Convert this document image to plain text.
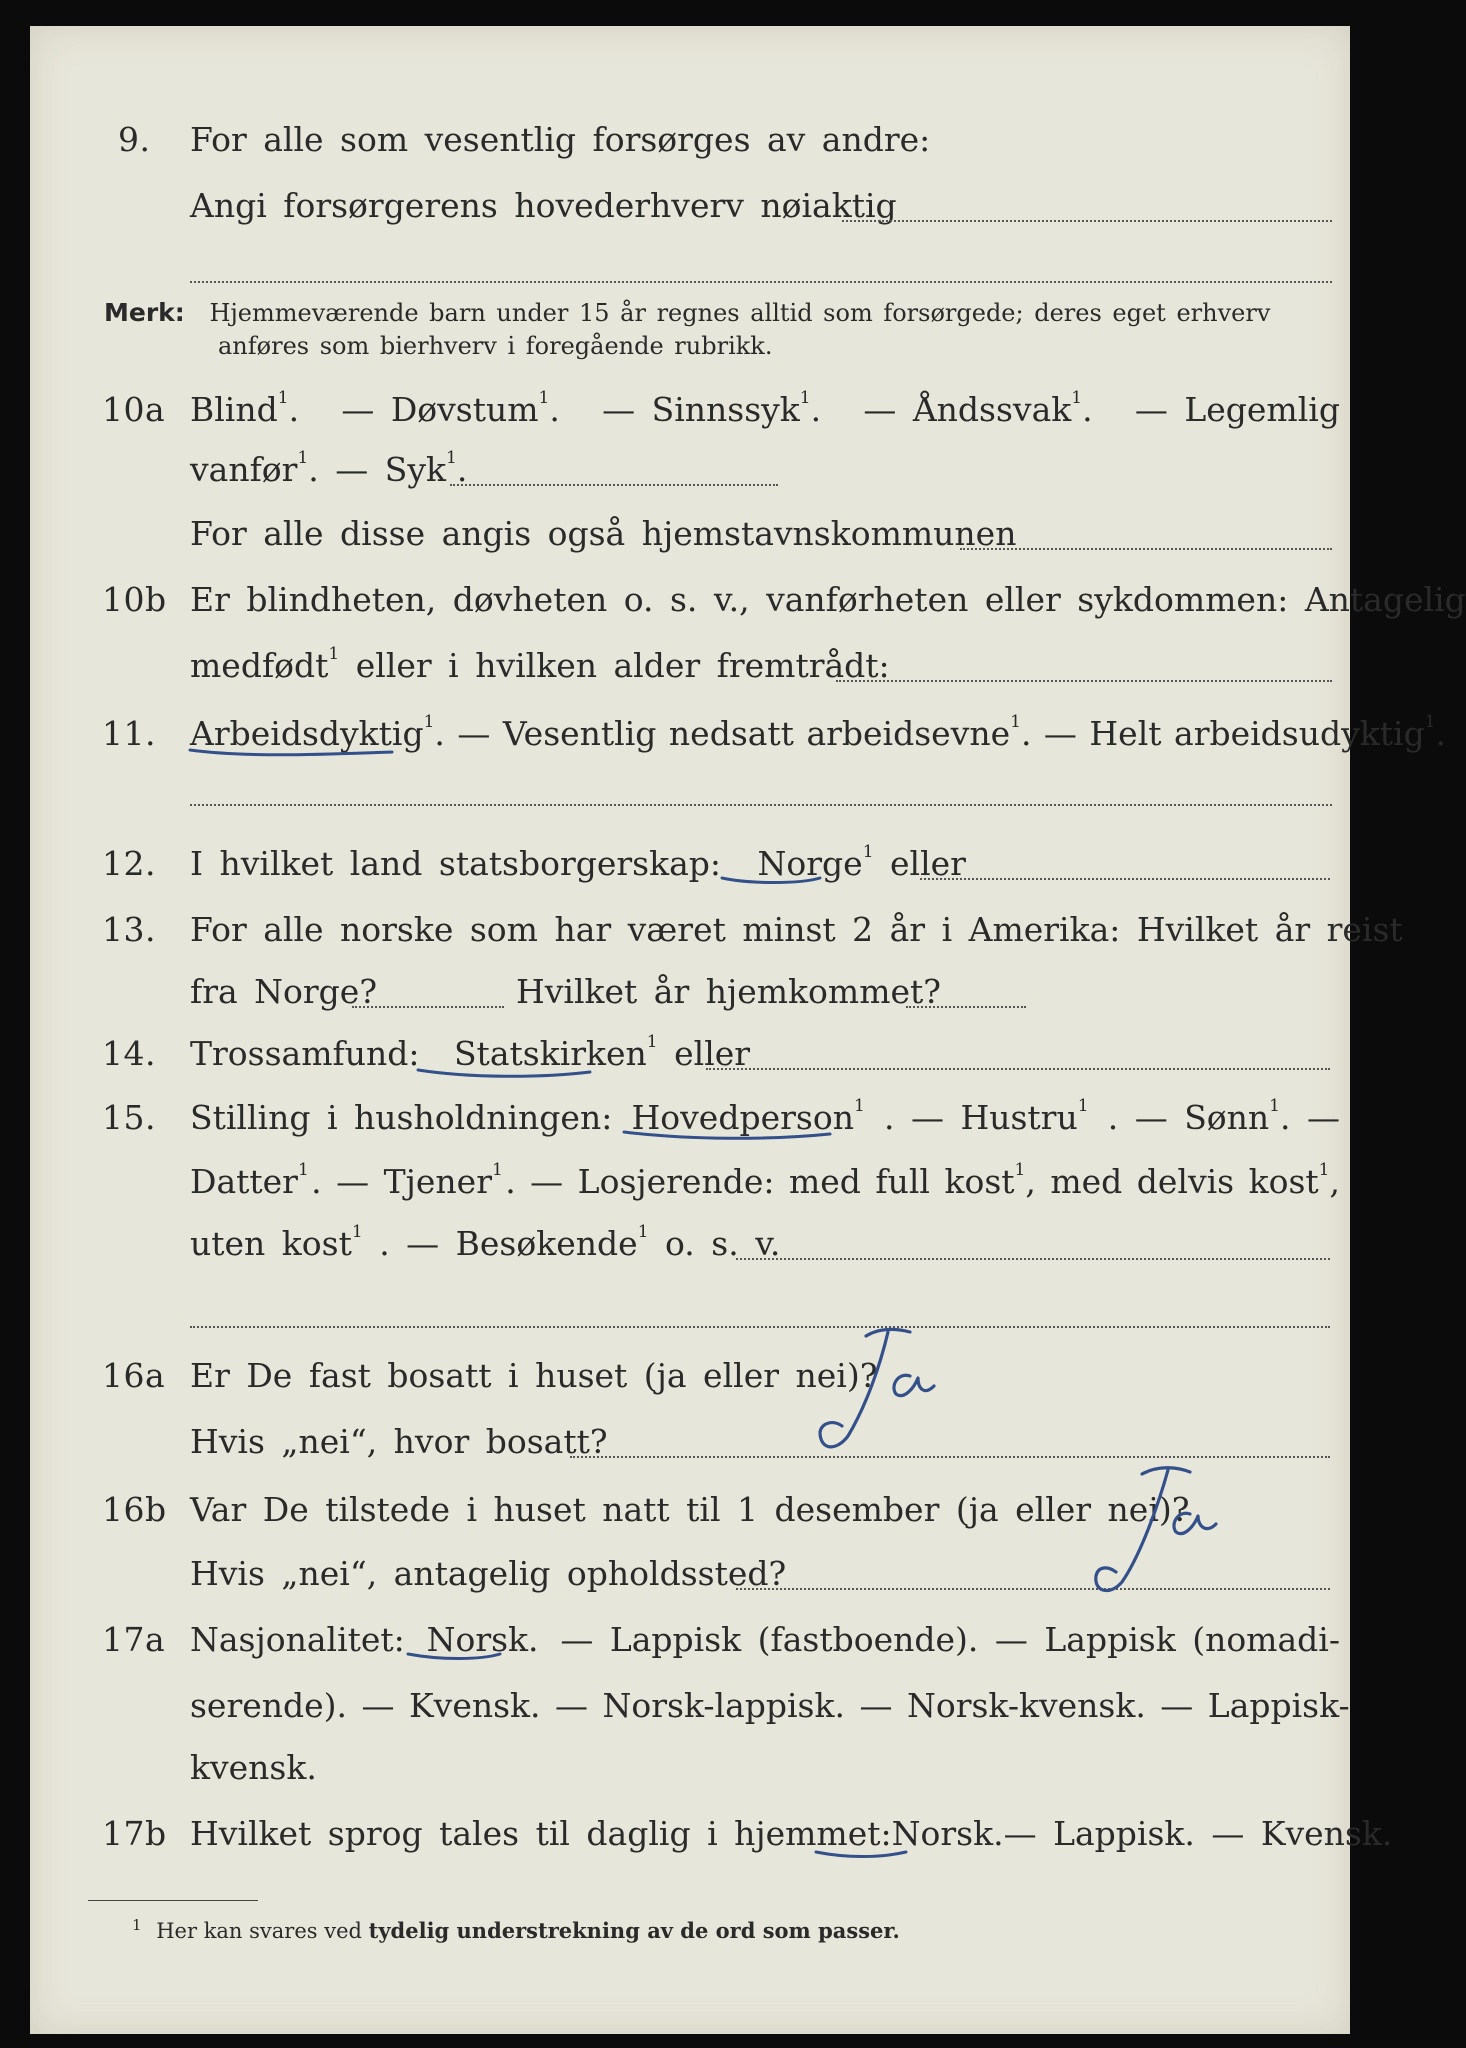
9. For alle som vesentlig forsørges av andre:
Angi forsørgerens hovederhverv nøiaktig
Merk: Hjemmeværende barn under 15 år regnes alltid som forsørgede; deres eget erhverv
anføres som bierhverv i foregående rubrikk.
10a Blind$^1$. — Døvstum$^1$. — Sinnssyk$^1$. — Åndssvak$^1$. — Legemlig
vanfør$^1$. — Syk$^1$.
For alle disse angis også hjemstavnskommunen
10b Er blindheten, døvheten o. s. v., vanførheten eller sykdommen: Antagelig
medfødt$^1$ eller i hvilken alder fremtrådt:
11. Arbeidsdyktig$^1$. — Vesentlig nedsatt arbeidsevne$^1$. — Helt arbeidsudyktig$^1$.
12. I hvilket land statsborgerskap: Norge$^1$ eller
13. For alle norske som har været minst 2 år i Amerika: Hvilket år reist
fra Norge?	Hvilket år hjemkommet?
14. Trossamfund: Statskirken$^1$ eller
15. Stilling i husholdningen: Hovedperson$^1$ . — Hustru$^1$ . — Sønn$^1$. —
Datter$^1$ . — Tjener$^1$ . — Losjerende: med full kost$^1$, med delvis kost$^1$,
uten kost$^1$ . — Besøkende$^1$ o. s. v.
16a Er De fast bosatt i huset (ja eller nei)?
Hvis „nei“, hvor bosatt?
16b Var De tilstede i huset natt til 1 desember (ja eller nei)?
Hvis „nei“, antagelig opholdssted?
17a Nasjonalitet: Norsk. — Lappisk (fastboende). — Lappisk (nomadi-
serende). — Kvensk. — Norsk-lappisk. — Norsk-kvensk. — Lappisk-
kvensk.
17b Hvilket sprog tales til daglig i hjemmet: Norsk. — Lappisk. — Kvensk.
$^1$ Her kan svares ved tydelig understrekning av de ord som passer.
